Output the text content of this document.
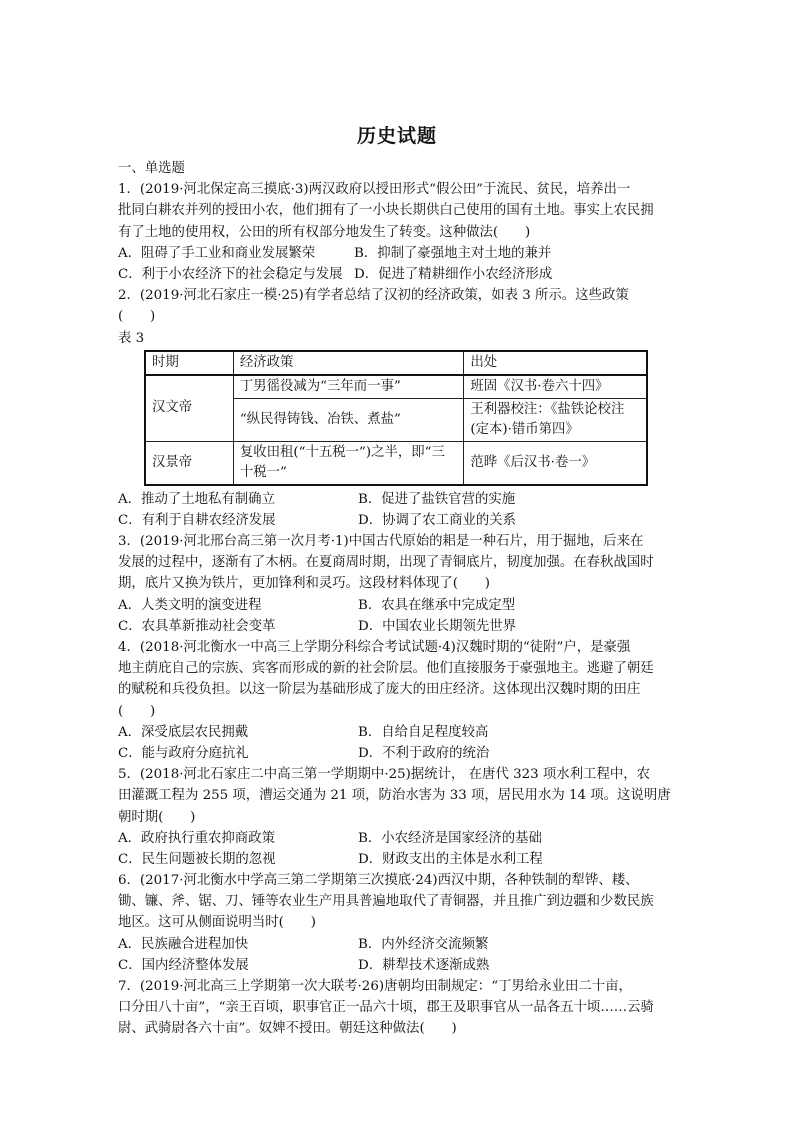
历史试题
一、单选题
1．(2019·河北保定高三摸底·3)两汉政府以授田形式“假公田”于流民、贫民，培养出一
批同白耕农并列的授田小农，他们拥有了一小块长期供白己使用的国有土地。事实上农民拥
有了土地的使用权，公田的所有权部分地发生了转变。这种做法(　　)
A．阻碍了手工业和商业发展繁荣	B．抑制了豪强地主对土地的兼并
C．利于小农经济下的社会稳定与发展 D．促进了精耕细作小农经济形成
2．(2019·河北石家庄一模·25)有学者总结了汉初的经济政策，如表 3 所示。这些政策
(　　)
表 3
时期	经济政策	出处
汉文帝	丁男徭役减为“三年而一事”	班固《汉书·卷六十四》
	“纵民得铸钱、冶铁、煮盐”	王利器校注：《盐铁论校注(定本)·错币第四》
汉景帝	复收田租(“十五税一”)之半，即“三十税一”	范晔《后汉书·卷一》
A．推动了土地私有制确立	B．促进了盐铁官营的实施
C．有利于自耕农经济发展	D．协调了农工商业的关系
3．(2019·河北邢台高三第一次月考·1)中国古代原始的耜是一种石片，用于掘地，后来在
发展的过程中，逐渐有了木柄。在夏商周时期，出现了青铜底片，韧度加强。在春秋战国时
期，底片又换为铁片，更加锋利和灵巧。这段材料体现了(　　)
A．人类文明的演变进程	B．农具在继承中完成定型
C．农具革新推动社会变革	D．中国农业长期领先世界
4．(2018·河北衡水一中高三上学期分科综合考试试题·4)汉魏时期的“徒附”户，是豪强
地主荫庇自己的宗族、宾客而形成的新的社会阶层。他们直接服务于豪强地主。逃避了朝廷
的赋税和兵役负担。以这一阶层为基础形成了庞大的田庄经济。这体现出汉魏时期的田庄
(　　)
A．深受底层农民拥戴	B．自给自足程度较高
C．能与政府分庭抗礼	D．不利于政府的统治
5．(2018·河北石家庄二中高三第一学期期中·25)据统计， 在唐代 323 项水利工程中，农
田灌溉工程为 255 项，漕运交通为 21 项，防治水害为 33 项，居民用水为 14 项。这说明唐
朝时期(　　)
A．政府执行重农抑商政策	B．小农经济是国家经济的基础
C．民生问题被长期的忽视	D．财政支出的主体是水利工程
6．(2017·河北衡水中学高三第二学期第三次摸底·24)西汉中期，各种铁制的犁铧、耧、
锄、镰、斧、锯、刀、锤等农业生产用具普遍地取代了青铜器，并且推广到边疆和少数民族
地区。这可从侧面说明当时(　　)
A．民族融合进程加快	B．内外经济交流频繁
C．国内经济整体发展	D．耕犁技术逐渐成熟
7．(2019·河北高三上学期第一次大联考·26)唐朝均田制规定：“丁男给永业田二十亩，
口分田八十亩”，“亲王百顷，职事官正一品六十顷，郡王及职事官从一品各五十顷……云骑
尉、武骑尉各六十亩”。奴婢不授田。朝廷这种做法(　　)
